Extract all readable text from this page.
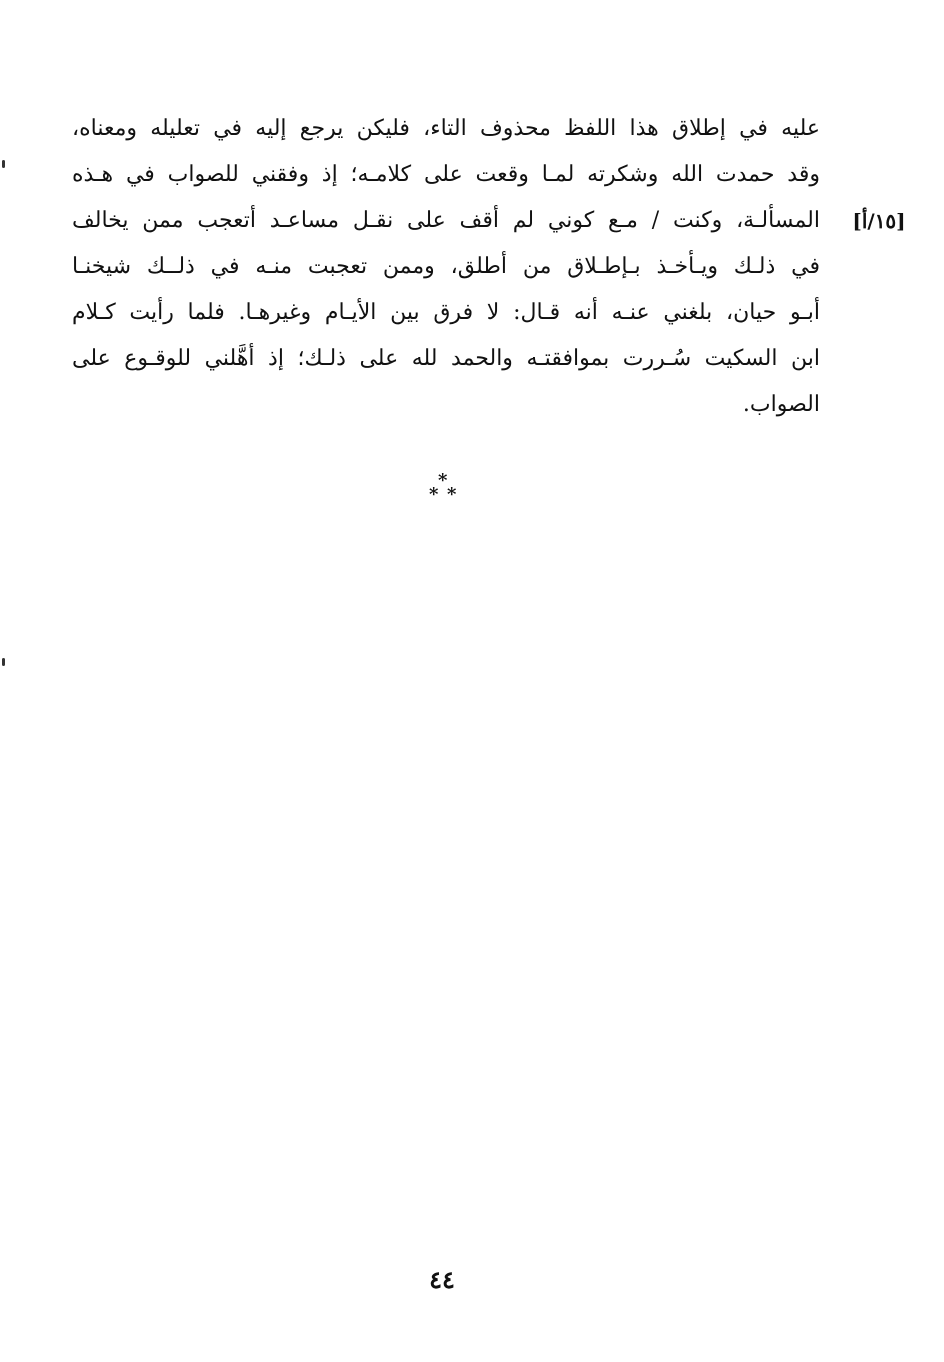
عليه في إطلاق هذا اللفظ محذوف التاء، فليكن يرجع إليه في تعليله ومعناه،
وقد حمدت الله وشكرته لمـا وقعت على كلامـه؛ إذ وفقني للصواب في هـذه
المسألـة، وكنت / مـع كوني لم أقف على نقـل مساعـد أتعجب ممن يخالف
في ذلـك ويـأخـذ بـإطـلاق من أطلق، وممن تعجبت منـه في ذلــك شيخنـا
أبـو حيان، بلغني عنـه أنه قـال: لا فرق بين الأيـام وغيرهـا. فلما رأيت كـلام
ابن السكيت سُـررت بموافقتـه والحمد لله على ذلـك؛ إذ أهَّلني للوقـوع على
الصواب.
[١٥/أ]
*
* *
٤٤
